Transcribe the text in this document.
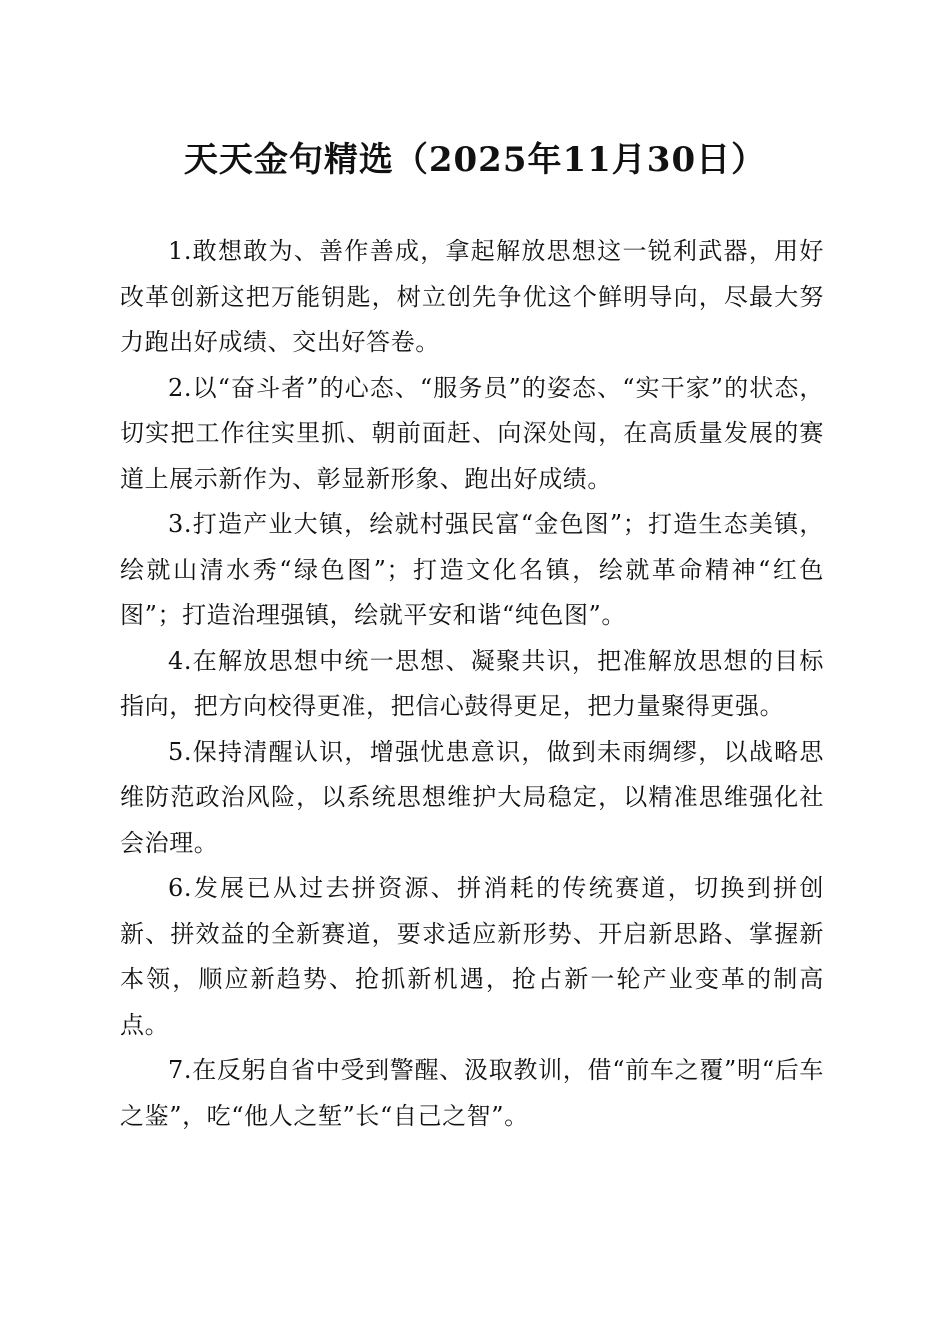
天天金句精选（2025年11月30日）

1.敢想敢为、善作善成，拿起解放思想这一锐利武器，用好改革创新这把万能钥匙，树立创先争优这个鲜明导向，尽最大努力跑出好成绩、交出好答卷。

2.以“奋斗者”的心态、“服务员”的姿态、“实干家”的状态，切实把工作往实里抓、朝前面赶、向深处闯，在高质量发展的赛道上展示新作为、彰显新形象、跑出好成绩。

3.打造产业大镇，绘就村强民富“金色图”；打造生态美镇，绘就山清水秀“绿色图”；打造文化名镇，绘就革命精神“红色图”；打造治理强镇，绘就平安和谐“纯色图”。

4.在解放思想中统一思想、凝聚共识，把准解放思想的目标指向，把方向校得更准，把信心鼓得更足，把力量聚得更强。

5.保持清醒认识，增强忧患意识，做到未雨绸缪，以战略思维防范政治风险，以系统思想维护大局稳定，以精准思维强化社会治理。

6.发展已从过去拼资源、拼消耗的传统赛道，切换到拼创新、拼效益的全新赛道，要求适应新形势、开启新思路、掌握新本领，顺应新趋势、抢抓新机遇，抢占新一轮产业变革的制高点。

7.在反躬自省中受到警醒、汲取教训，借“前车之覆”明“后车之鉴”，吃“他人之堑”长“自己之智”。
